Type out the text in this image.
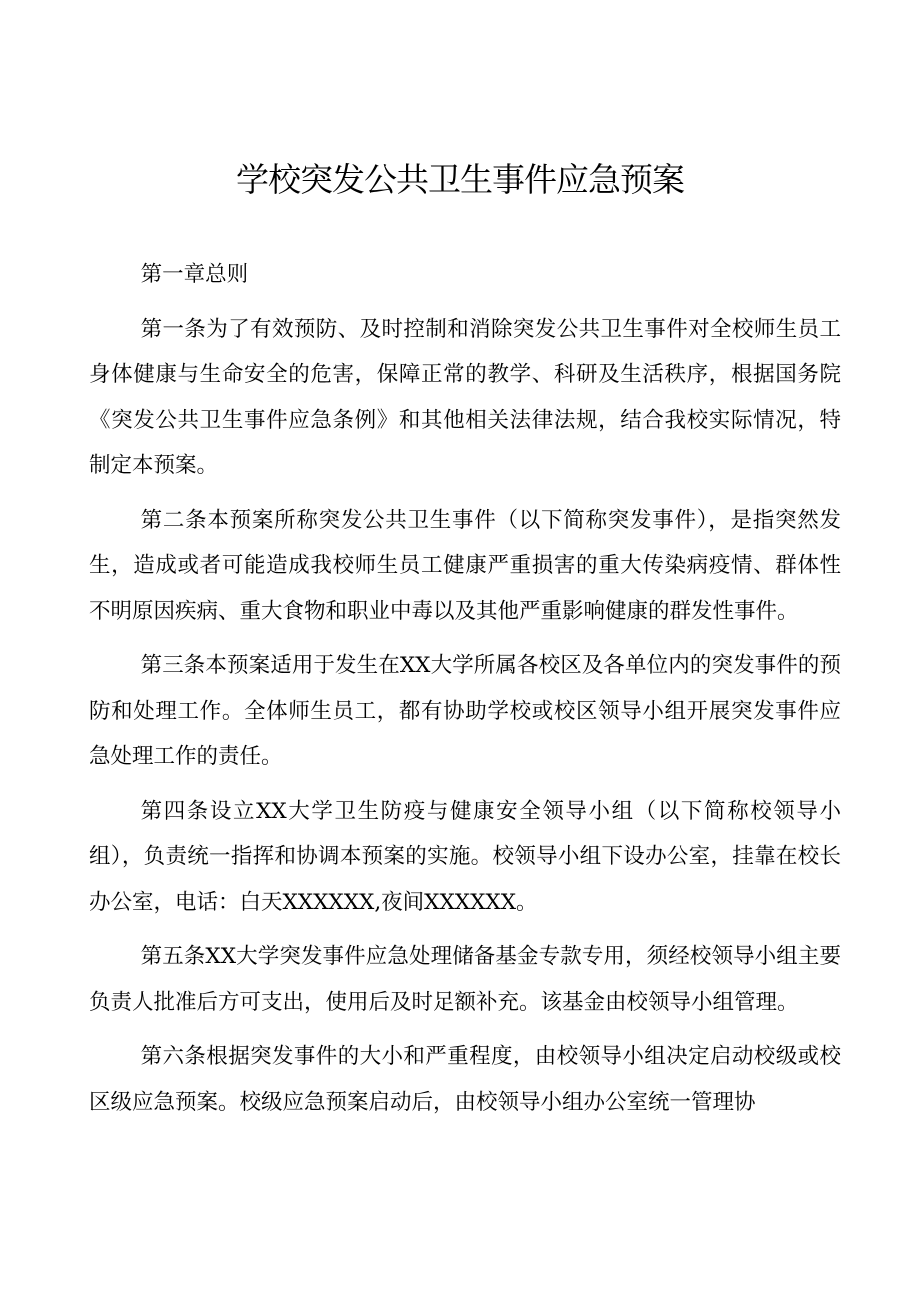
学校突发公共卫生事件应急预案

第一章总则

第一条为了有效预防、及时控制和消除突发公共卫生事件对全校师生员工身体健康与生命安全的危害，保障正常的教学、科研及生活秩序，根据国务院《突发公共卫生事件应急条例》和其他相关法律法规，结合我校实际情况，特制定本预案。

第二条本预案所称突发公共卫生事件（以下简称突发事件），是指突然发生，造成或者可能造成我校师生员工健康严重损害的重大传染病疫情、群体性不明原因疾病、重大食物和职业中毒以及其他严重影响健康的群发性事件。

第三条本预案适用于发生在XX大学所属各校区及各单位内的突发事件的预防和处理工作。全体师生员工，都有协助学校或校区领导小组开展突发事件应急处理工作的责任。

第四条设立XX大学卫生防疫与健康安全领导小组（以下简称校领导小组），负责统一指挥和协调本预案的实施。校领导小组下设办公室，挂靠在校长办公室，电话：白天XXXXXX,夜间XXXXXX。

第五条XX大学突发事件应急处理储备基金专款专用，须经校领导小组主要负责人批准后方可支出，使用后及时足额补充。该基金由校领导小组管理。

第六条根据突发事件的大小和严重程度，由校领导小组决定启动校级或校区级应急预案。校级应急预案启动后，由校领导小组办公室统一管理协
